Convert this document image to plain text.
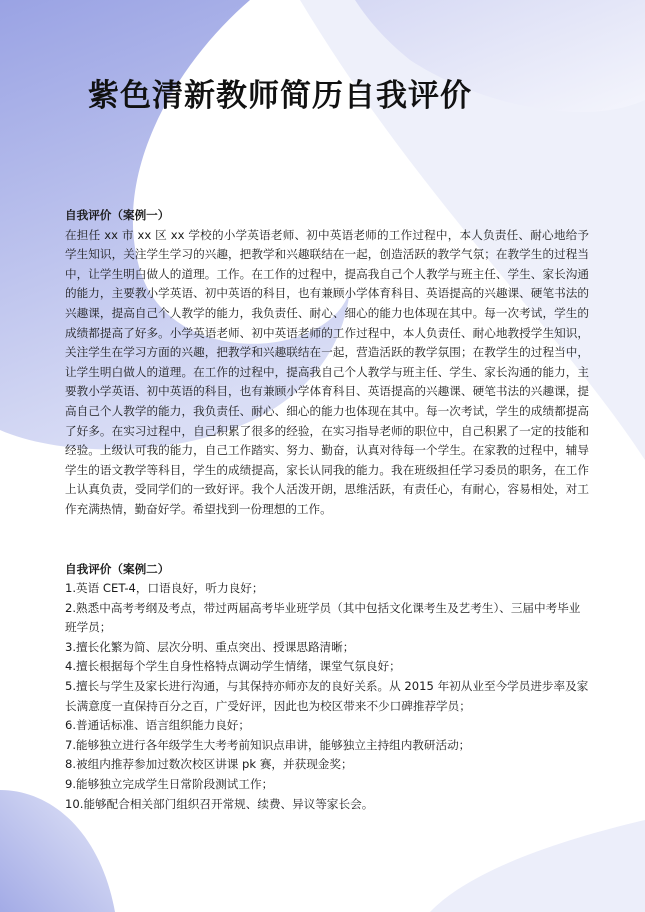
紫色清新教师简历自我评价

自我评价（案例一）

在担任 xx 市 xx 区 xx 学校的小学英语老师、初中英语老师的工作过程中，本人负责任、耐心地给予学生知识，关注学生学习的兴趣，把教学和兴趣联结在一起，创造活跃的教学气氛；在教学生的过程当中，让学生明白做人的道理。工作。在工作的过程中，提高我自己个人教学与班主任、学生、家长沟通的能力，主要教小学英语、初中英语的科目，也有兼顾小学体育科目、英语提高的兴趣课、硬笔书法的兴趣课，提高自己个人教学的能力，我负责任、耐心、细心的能力也体现在其中。每一次考试，学生的成绩都提高了好多。小学英语老师、初中英语老师的工作过程中，本人负责任、耐心地教授学生知识，关注学生在学习方面的兴趣，把教学和兴趣联结在一起，营造活跃的教学氛围；在教学生的过程当中，让学生明白做人的道理。在工作的过程中，提高我自己个人教学与班主任、学生、家长沟通的能力，主要教小学英语、初中英语的科目，也有兼顾小学体育科目、英语提高的兴趣课、硬笔书法的兴趣课，提高自己个人教学的能力，我负责任、耐心、细心的能力也体现在其中。每一次考试，学生的成绩都提高了好多。在实习过程中，自己积累了很多的经验，在实习指导老师的职位中，自己积累了一定的技能和经验。上级认可我的能力，自己工作踏实、努力、勤奋，认真对待每一个学生。在家教的过程中，辅导学生的语文教学等科目，学生的成绩提高，家长认同我的能力。我在班级担任学习委员的职务，在工作上认真负责，受同学们的一致好评。我个人活泼开朗，思维活跃，有责任心，有耐心，容易相处，对工作充满热情，勤奋好学。希望找到一份理想的工作。

自我评价（案例二）

1.英语 CET-4，口语良好，听力良好；

2.熟悉中高考考纲及考点，带过两届高考毕业班学员（其中包括文化课考生及艺考生）、三届中考毕业班学员；

3.擅长化繁为简、层次分明、重点突出、授课思路清晰；

4.擅长根据每个学生自身性格特点调动学生情绪，课堂气氛良好；

5.擅长与学生及家长进行沟通，与其保持亦师亦友的良好关系。从 2015 年初从业至今学员进步率及家长满意度一直保持百分之百，广受好评，因此也为校区带来不少口碑推荐学员；

6.普通话标准、语言组织能力良好；

7.能够独立进行各年级学生大考考前知识点串讲，能够独立主持组内教研活动；

8.被组内推荐参加过数次校区讲课 pk 赛，并获现金奖；

9.能够独立完成学生日常阶段测试工作；

10.能够配合相关部门组织召开常规、续费、异议等家长会。
